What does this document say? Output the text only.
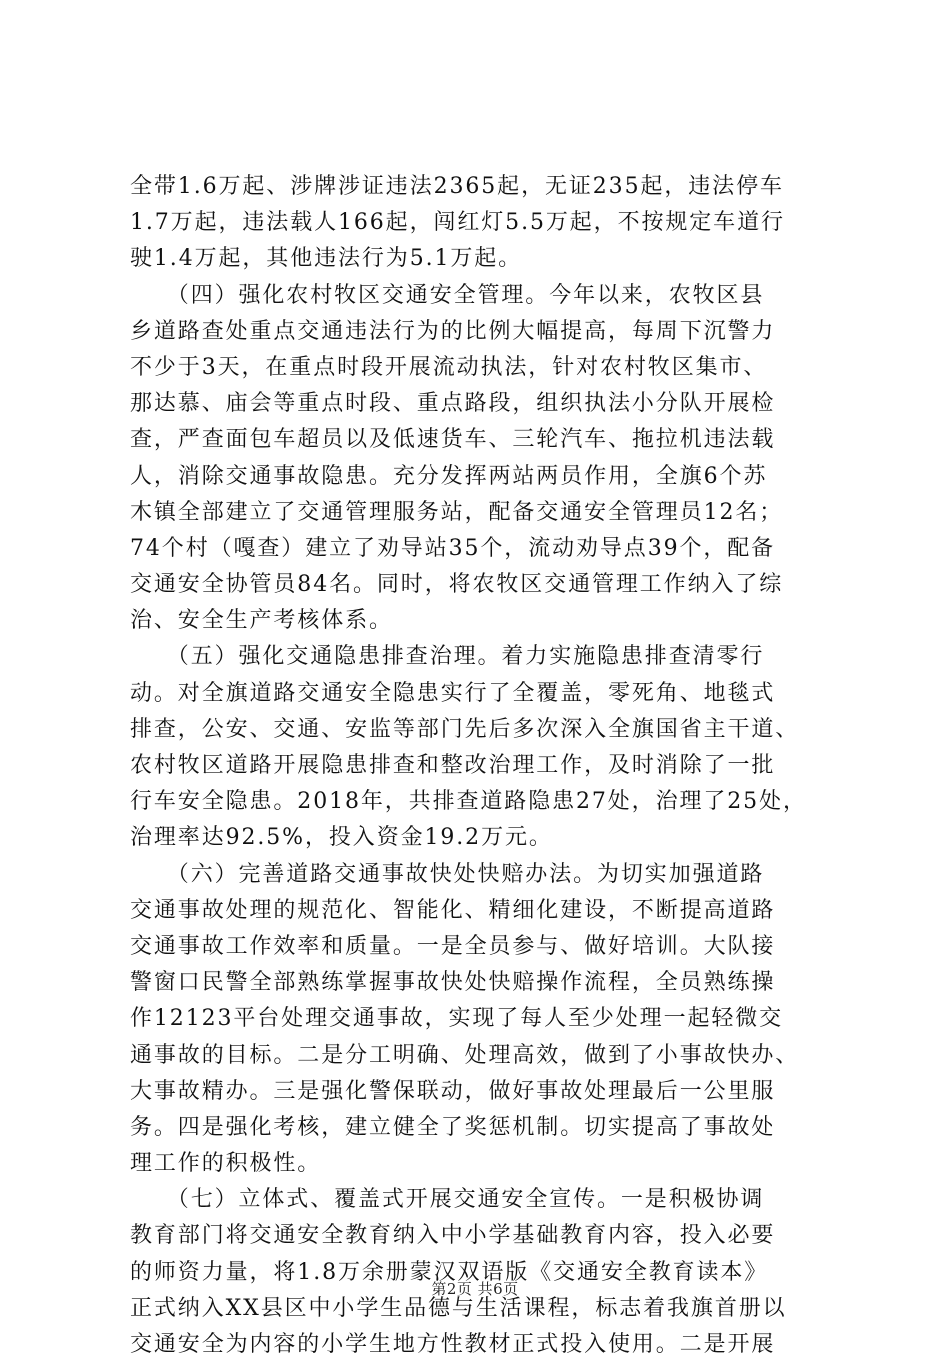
全带1.6万起、涉牌涉证违法2365起，无证235起，违法停车
1.7万起，违法载人166起，闯红灯5.5万起，不按规定车道行
驶1.4万起，其他违法行为5.1万起。
　　（四）强化农村牧区交通安全管理。今年以来，农牧区县
乡道路查处重点交通违法行为的比例大幅提高，每周下沉警力
不少于3天，在重点时段开展流动执法，针对农村牧区集市、
那达慕、庙会等重点时段、重点路段，组织执法小分队开展检
查，严查面包车超员以及低速货车、三轮汽车、拖拉机违法载
人，消除交通事故隐患。充分发挥两站两员作用，全旗6个苏
木镇全部建立了交通管理服务站，配备交通安全管理员12名；
74个村（嘎查）建立了劝导站35个，流动劝导点39个，配备
交通安全协管员84名。同时，将农牧区交通管理工作纳入了综
治、安全生产考核体系。
　　（五）强化交通隐患排查治理。着力实施隐患排查清零行
动。对全旗道路交通安全隐患实行了全覆盖，零死角、地毯式
排查，公安、交通、安监等部门先后多次深入全旗国省主干道、
农村牧区道路开展隐患排查和整改治理工作，及时消除了一批
行车安全隐患。2018年，共排查道路隐患27处，治理了25处，
治理率达92.5%，投入资金19.2万元。
　　（六）完善道路交通事故快处快赔办法。为切实加强道路
交通事故处理的规范化、智能化、精细化建设，不断提高道路
交通事故工作效率和质量。一是全员参与、做好培训。大队接
警窗口民警全部熟练掌握事故快处快赔操作流程，全员熟练操
作12123平台处理交通事故，实现了每人至少处理一起轻微交
通事故的目标。二是分工明确、处理高效，做到了小事故快办、
大事故精办。三是强化警保联动，做好事故处理最后一公里服
务。四是强化考核，建立健全了奖惩机制。切实提高了事故处
理工作的积极性。
　　（七）立体式、覆盖式开展交通安全宣传。一是积极协调
教育部门将交通安全教育纳入中小学基础教育内容，投入必要
的师资力量，将1.8万余册蒙汉双语版《交通安全教育读本》
正式纳入XX县区中小学生品德与生活课程，标志着我旗首册以
交通安全为内容的小学生地方性教材正式投入使用。二是开展
第2页 共6页
